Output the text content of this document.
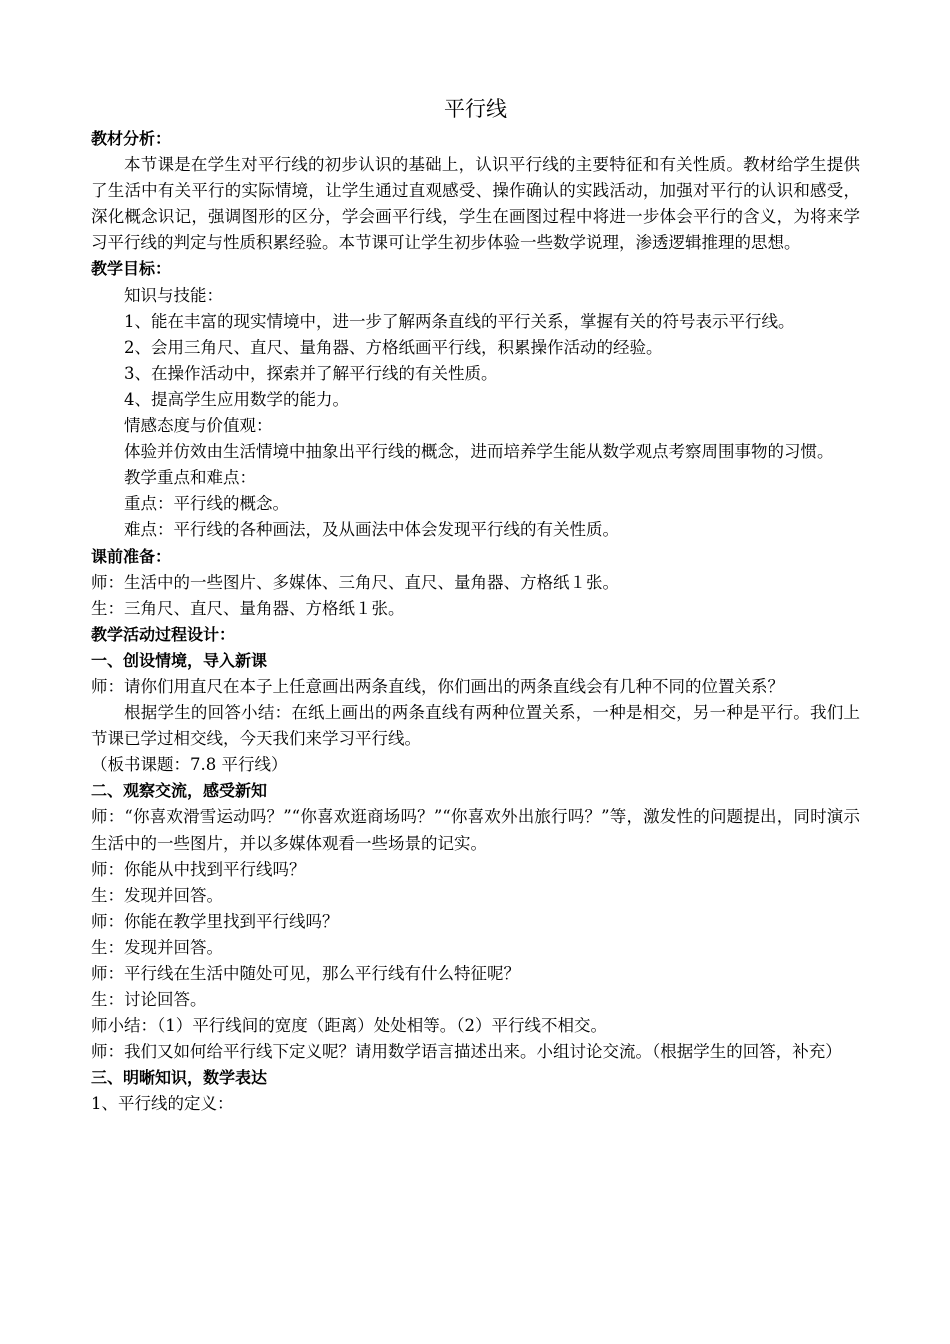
平行线
教材分析：
本节课是在学生对平行线的初步认识的基础上，认识平行线的主要特征和有关性质。教材给学生提供了生活中有关平行的实际情境，让学生通过直观感受、操作确认的实践活动，加强对平行的认识和感受，深化概念识记，强调图形的区分，学会画平行线，学生在画图过程中将进一步体会平行的含义，为将来学习平行线的判定与性质积累经验。本节课可让学生初步体验一些数学说理，渗透逻辑推理的思想。
教学目标：
知识与技能：
1、能在丰富的现实情境中，进一步了解两条直线的平行关系，掌握有关的符号表示平行线。
2、会用三角尺、直尺、量角器、方格纸画平行线，积累操作活动的经验。
3、在操作活动中，探索并了解平行线的有关性质。
4、提高学生应用数学的能力。
情感态度与价值观：
体验并仿效由生活情境中抽象出平行线的概念，进而培养学生能从数学观点考察周围事物的习惯。
教学重点和难点：
重点：平行线的概念。
难点：平行线的各种画法，及从画法中体会发现平行线的有关性质。
课前准备：
师：生活中的一些图片、多媒体、三角尺、直尺、量角器、方格纸１张。
生：三角尺、直尺、量角器、方格纸１张。
教学活动过程设计：
一、创设情境，导入新课
师：请你们用直尺在本子上任意画出两条直线，你们画出的两条直线会有几种不同的位置关系？
根据学生的回答小结：在纸上画出的两条直线有两种位置关系，一种是相交，另一种是平行。我们上节课已学过相交线，今天我们来学习平行线。
（板书课题：7.8 平行线）
二、观察交流，感受新知
师：“你喜欢滑雪运动吗？”“你喜欢逛商场吗？”“你喜欢外出旅行吗？”等，激发性的问题提出，同时演示生活中的一些图片，并以多媒体观看一些场景的记实。
师：你能从中找到平行线吗？
生：发现并回答。
师：你能在教学里找到平行线吗？
生：发现并回答。
师：平行线在生活中随处可见，那么平行线有什么特征呢？
生：讨论回答。
师小结：（1）平行线间的宽度（距离）处处相等。（2）平行线不相交。
师：我们又如何给平行线下定义呢？请用数学语言描述出来。小组讨论交流。（根据学生的回答，补充）
三、明晰知识，数学表达
1、平行线的定义：
